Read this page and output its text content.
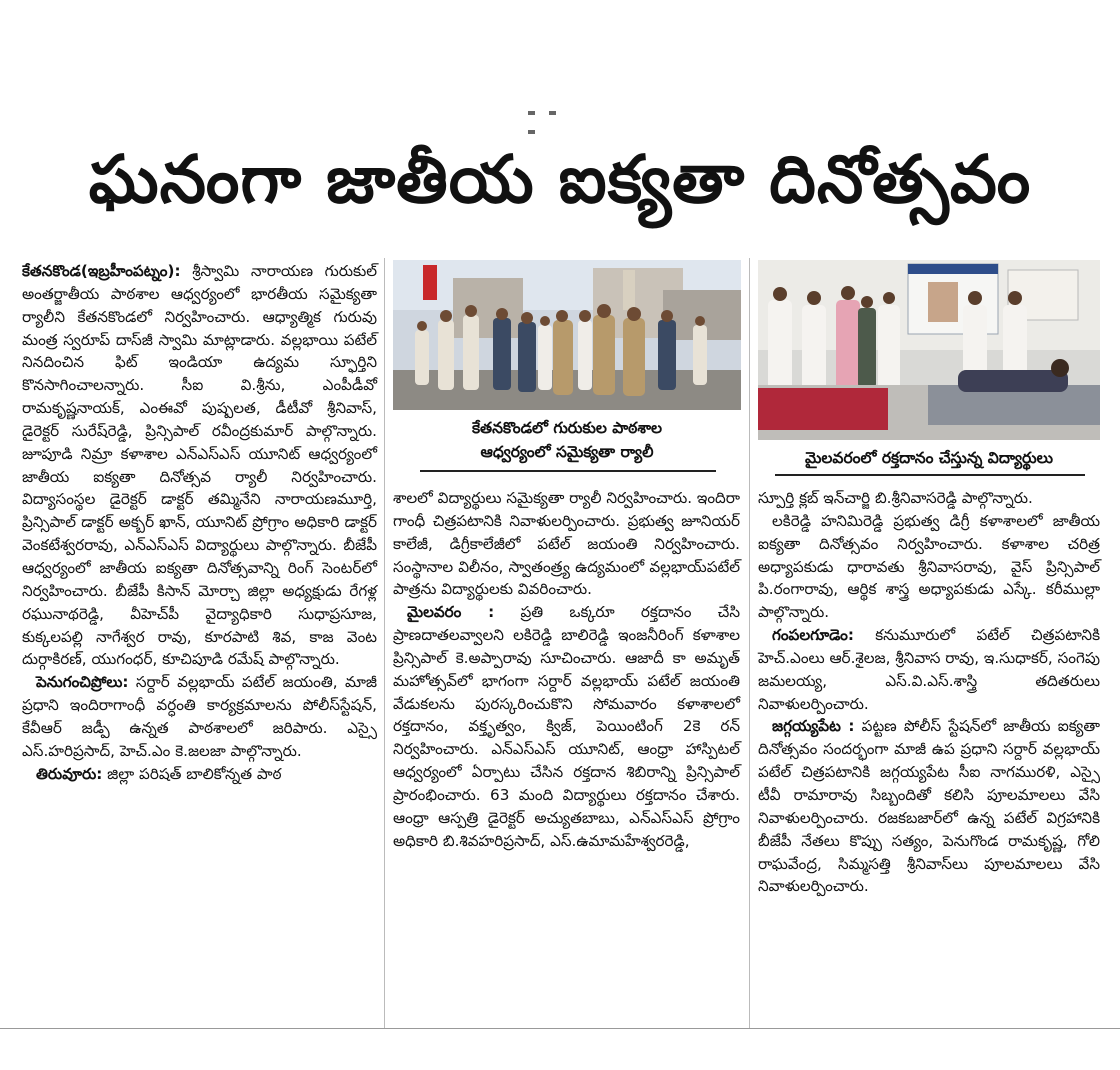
ఘనంగా జాతీయ ఐక్యతా దినోత్సవం

కేతనకొండ(ఇబ్రహీంపట్నం): శ్రీస్వామి నారాయణ గురుకుల్ అంతర్జాతీయ పాఠశాల ఆధ్వర్యంలో భారతీయ సమైక్యతా ర్యాలీని కేతనకొండలో నిర్వహించారు. ఆధ్యాత్మిక గురువు మంత్ర స్వరూప్ దాస్‌జీ స్వామి మాట్లాడారు. వల్లభాయి పటేల్ నినదించిన ఫిట్ ఇండియా ఉద్యమ స్ఫూర్తిని కొనసాగించాలన్నారు. సీఐ వి.శ్రీను, ఎంపీడీవో రామకృష్ణనాయక్, ఎంఈవో పుష్పలత, డీటీవో శ్రీనివాస్, డైరెక్టర్ సురేష్‌రెడ్డి, ప్రిన్సిపాల్ రవీంద్రకుమార్ పాల్గొన్నారు. జూపూడి నిమ్రా కళాశాల ఎన్ఎస్ఎస్ యూనిట్ ఆధ్వర్యంలో జాతీయ ఐక్యతా దినోత్సవ ర్యాలీ నిర్వహించారు. విద్యాసంస్థల డైరెక్టర్ డాక్టర్ తమ్మినేని నారాయణమూర్తి, ప్రిన్సిపాల్ డాక్టర్ అక్బర్ ఖాన్, యూనిట్ ప్రోగ్రాం అధికారి డాక్టర్ వెంకటేశ్వరరావు, ఎన్ఎస్ఎస్ విద్యార్థులు పాల్గొన్నారు. బీజేపీ ఆధ్వర్యంలో జాతీయ ఐక్యతా దినోత్సవాన్ని రింగ్ సెంటర్‌లో నిర్వహించారు. బీజేపీ కిసాన్ మోర్చా జిల్లా అధ్యక్షుడు రేగళ్ల రఘునాథరెడ్డి, వీహెచ్‌పీ వైద్యాధికారి సుధాప్రసూజ, కుక్కలపల్లి నాగేశ్వర రావు, కూరపాటి శివ, కాజ వెంట దుర్గాకిరణ్, యుగంధర్, కూచిపూడి రమేష్ పాల్గొన్నారు.

పెనుగంచిప్రోలు: సర్దార్ వల్లభాయ్ పటేల్ జయంతి, మాజీ ప్రధాని ఇందిరాగాంధీ వర్ధంతి కార్యక్రమాలను పోలీస్‌స్టేషన్, కేవీఆర్ జడ్పీ ఉన్నత పాఠశాలలో జరిపారు. ఎస్సై ఎస్.హరిప్రసాద్, హెచ్.ఎం కె.జలజా పాల్గొన్నారు.

తిరువూరు: జిల్లా పరిషత్ బాలికోన్నత పాఠ

కేతనకొండలో గురుకుల పాఠశాల
ఆధ్వర్యంలో సమైక్యతా ర్యాలీ	మైలవరంలో రక్తదానం చేస్తున్న విద్యార్థులు

శాలలో విద్యార్థులు సమైక్యతా ర్యాలీ నిర్వహించారు. ఇందిరా గాంధీ చిత్రపటానికి నివాళులర్పించారు. ప్రభుత్వ జూనియర్ కాలేజీ, డిగ్రీకాలేజీలో పటేల్ జయంతి నిర్వహించారు. సంస్థానాల విలీనం, స్వాతంత్ర్య ఉద్యమంలో వల్లభాయ్‌పటేల్ పాత్రను విద్యార్థులకు వివరించారు.

మైలవరం : ప్రతి ఒక్కరూ రక్తదానం చేసి ప్రాణదాతలవ్వాలని లకిరెడ్డి బాలిరెడ్డి ఇంజనీరింగ్ కళాశాల ప్రిన్సిపాల్ కె.అప్పారావు సూచించారు. ఆజాదీ కా అమృత్ మహోత్సవ్‌లో భాగంగా సర్దార్ వల్లభాయ్ పటేల్ జయంతి వేడుకలను పురస్కరించుకొని సోమవారం కళాశాలలో రక్తదానం, వక్తృత్వం, క్విజ్, పెయింటింగ్ 2కె రన్ నిర్వహించారు. ఎన్ఎస్ఎస్ యూనిట్, ఆంధ్రా హాస్పిటల్ ఆధ్వర్యంలో ఏర్పాటు చేసిన రక్తదాన శిబిరాన్ని ప్రిన్సిపాల్ ప్రారంభించారు. 63 మంది విద్యార్థులు రక్తదానం చేశారు. ఆంధ్రా ఆస్పత్రి డైరెక్టర్ అచ్యుతబాబు, ఎన్ఎస్ఎస్ ప్రోగ్రాం అధికారి బి.శివహరిప్రసాద్, ఎస్.ఉమామహేశ్వరరెడ్డి,

స్పూర్తి క్లబ్ ఇన్‌చార్జి బి.శ్రీనివాసరెడ్డి పాల్గొన్నారు.

లకిరెడ్డి హనిమిరెడ్డి ప్రభుత్వ డిగ్రీ కళాశాలలో జాతీయ ఐక్యతా దినోత్సవం నిర్వహించారు. కళాశాల చరిత్ర అధ్యాపకుడు ధారావతు శ్రీనివాసరావు, వైస్ ప్రిన్సిపాల్ పి.రంగారావు, ఆర్థిక శాస్త్ర అధ్యాపకుడు ఎస్కే. కరీముల్లా పాల్గొన్నారు.

గంపలగూడెం: కనుమూరులో పటేల్ చిత్రపటానికి హెచ్.ఎంలు ఆర్.శైలజ, శ్రీనివాస రావు, ఇ.సుధాకర్, సంగెపు జమలయ్య, ఎస్.వి.ఎస్.శాస్త్రి తదితరులు నివాళులర్పించారు.

జగ్గయ్యపేట : పట్టణ పోలీస్ స్టేషన్‌లో జాతీయ ఐక్యతా దినోత్సవం సందర్భంగా మాజీ ఉప ప్రధాని సర్దార్ వల్లభాయ్ పటేల్ చిత్రపటానికి జగ్గయ్యపేట సీఐ నాగమురళి, ఎస్సై టీవీ రామారావు సిబ్బందితో కలిసి పూలమాలలు వేసి నివాళులర్పించారు. రజకబజార్‌లో ఉన్న పటేల్ విగ్రహానికి బీజేపీ నేతలు కొప్పు సత్యం, పెనుగొండ రామకృష్ణ, గోలి రాఘవేంద్ర, సిమ్మసత్తి శ్రీనివాస్‌లు పూలమాలలు వేసి నివాళులర్పించారు.
